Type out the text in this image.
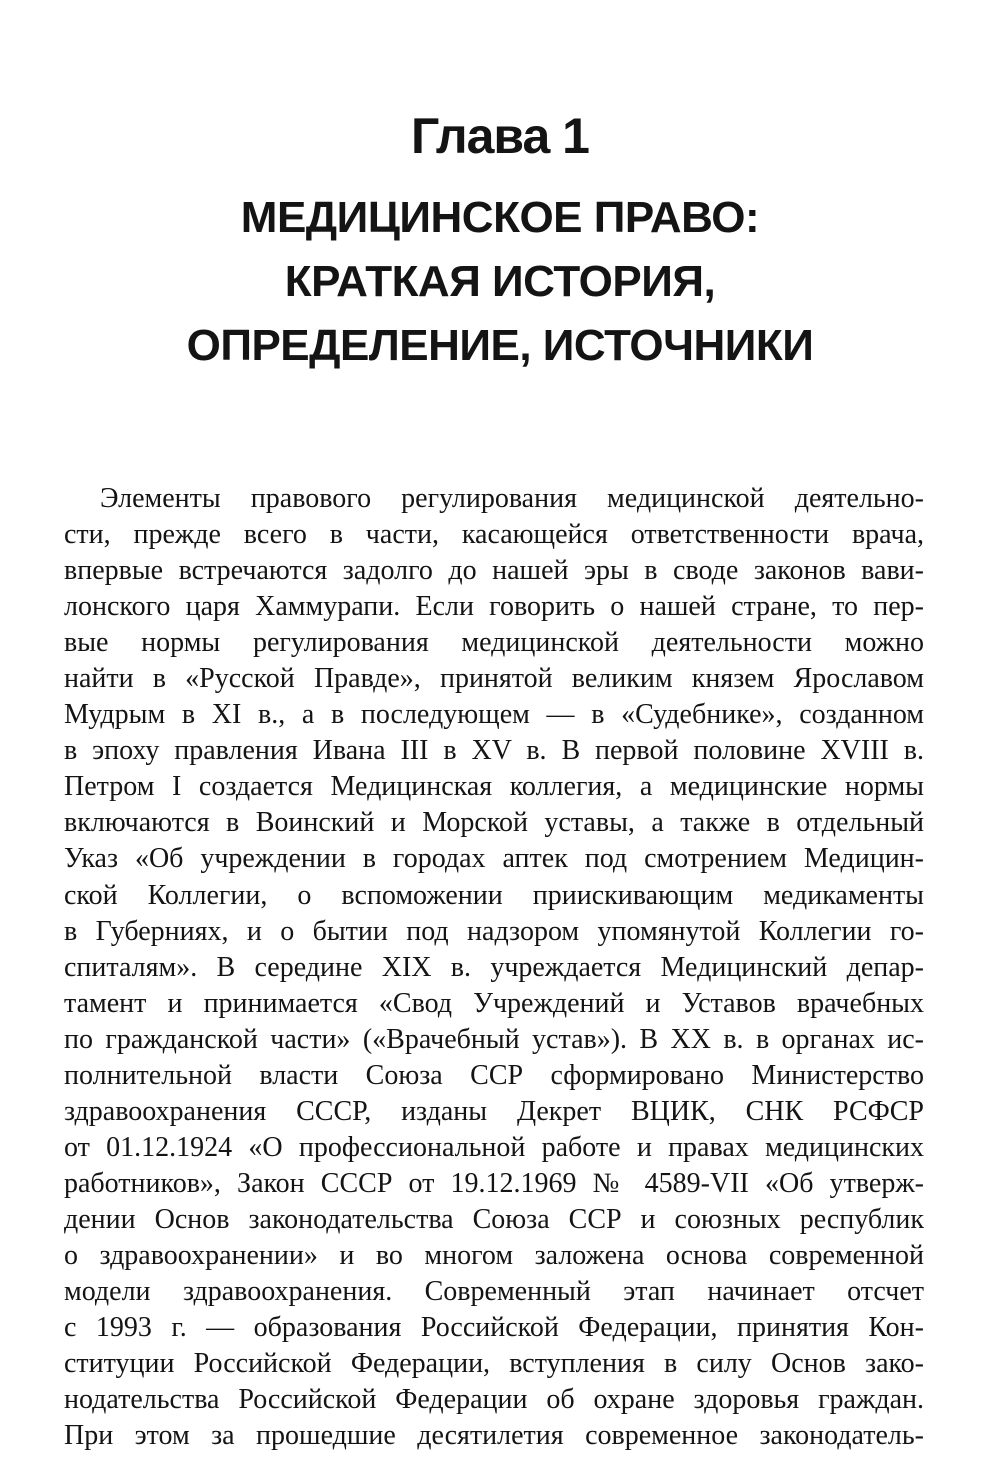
Глава 1
МЕДИЦИНСКОЕ ПРАВО:
КРАТКАЯ ИСТОРИЯ,
ОПРЕДЕЛЕНИЕ, ИСТОЧНИКИ
Элементы правового регулирования медицинской деятельно-
сти, прежде всего в части, касающейся ответственности врача,
впервые встречаются задолго до нашей эры в своде законов вави-
лонского царя Хаммурапи. Если говорить о нашей стране, то пер-
вые нормы регулирования медицинской деятельности можно
найти в «Русской Правде», принятой великим князем Ярославом
Мудрым в XI в., а в последующем — в «Судебнике», созданном
в эпоху правления Ивана III в XV в. В первой половине XVIII в.
Петром I создается Медицинская коллегия, а медицинские нормы
включаются в Воинский и Морской уставы, а также в отдельный
Указ «Об учреждении в городах аптек под смотрением Медицин-
ской Коллегии, о вспоможении приискивающим медикаменты
в Губерниях, и о бытии под надзором упомянутой Коллегии го-
спиталям». В середине XIX в. учреждается Медицинский депар-
тамент и принимается «Свод Учреждений и Уставов врачебных
по гражданской части» («Врачебный устав»). В XX в. в органах ис-
полнительной власти Союза ССР сформировано Министерство
здравоохранения СССР, изданы Декрет ВЦИК, СНК РСФСР
от 01.12.1924 «О профессиональной работе и правах медицинских
работников», Закон СССР от 19.12.1969 № 4589-VII «Об утверж-
дении Основ законодательства Союза ССР и союзных республик
о здравоохранении» и во многом заложена основа современной
модели здравоохранения. Современный этап начинает отсчет
с 1993 г. — образования Российской Федерации, принятия Кон-
ституции Российской Федерации, вступления в силу Основ зако-
нодательства Российской Федерации об охране здоровья граждан.
При этом за прошедшие десятилетия современное законодатель-
